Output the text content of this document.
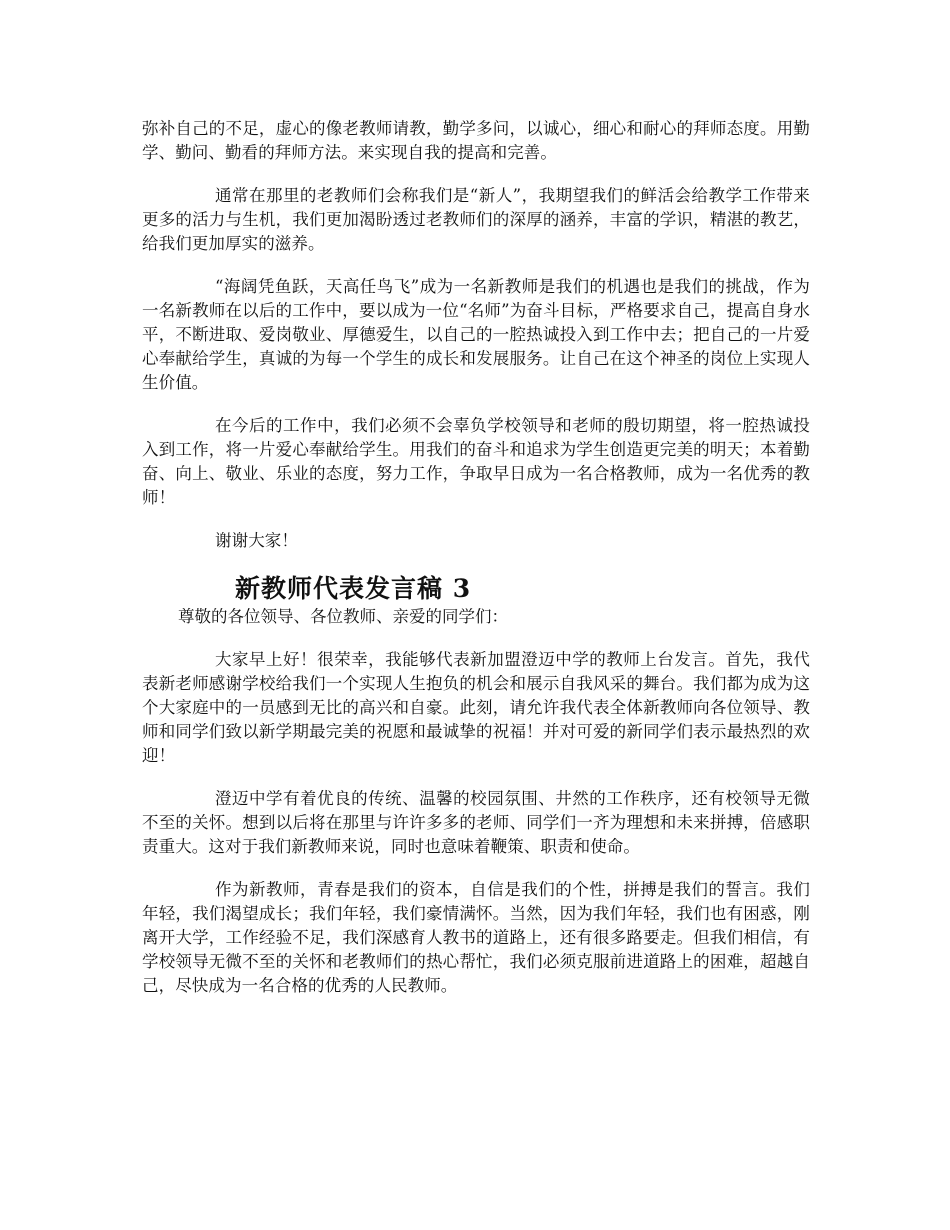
弥补自己的不足，虚心的像老教师请教，勤学多问，以诚心，细心和耐心的拜师态度。用勤学、勤问、勤看的拜师方法。来实现自我的提高和完善。

通常在那里的老教师们会称我们是“新人”，我期望我们的鲜活会给教学工作带来更多的活力与生机，我们更加渴盼透过老教师们的深厚的涵养，丰富的学识，精湛的教艺，给我们更加厚实的滋养。

“海阔凭鱼跃，天高任鸟飞”成为一名新教师是我们的机遇也是我们的挑战，作为一名新教师在以后的工作中，要以成为一位“名师”为奋斗目标，严格要求自己，提高自身水平，不断进取、爱岗敬业、厚德爱生，以自己的一腔热诚投入到工作中去；把自己的一片爱心奉献给学生，真诚的为每一个学生的成长和发展服务。让自己在这个神圣的岗位上实现人生价值。

在今后的工作中，我们必须不会辜负学校领导和老师的殷切期望，将一腔热诚投入到工作，将一片爱心奉献给学生。用我们的奋斗和追求为学生创造更完美的明天；本着勤奋、向上、敬业、乐业的态度，努力工作，争取早日成为一名合格教师，成为一名优秀的教师！

谢谢大家！

新教师代表发言稿 3

尊敬的各位领导、各位教师、亲爱的同学们：

大家早上好！很荣幸，我能够代表新加盟澄迈中学的教师上台发言。首先，我代表新老师感谢学校给我们一个实现人生抱负的机会和展示自我风采的舞台。我们都为成为这个大家庭中的一员感到无比的高兴和自豪。此刻，请允许我代表全体新教师向各位领导、教师和同学们致以新学期最完美的祝愿和最诚挚的祝福！并对可爱的新同学们表示最热烈的欢迎！

澄迈中学有着优良的传统、温馨的校园氛围、井然的工作秩序，还有校领导无微不至的关怀。想到以后将在那里与许许多多的老师、同学们一齐为理想和未来拼搏，倍感职责重大。这对于我们新教师来说，同时也意味着鞭策、职责和使命。

作为新教师，青春是我们的资本，自信是我们的个性，拼搏是我们的誓言。我们年轻，我们渴望成长；我们年轻，我们豪情满怀。当然，因为我们年轻，我们也有困惑，刚离开大学，工作经验不足，我们深感育人教书的道路上，还有很多路要走。但我们相信，有学校领导无微不至的关怀和老教师们的热心帮忙，我们必须克服前进道路上的困难，超越自己，尽快成为一名合格的优秀的人民教师。
